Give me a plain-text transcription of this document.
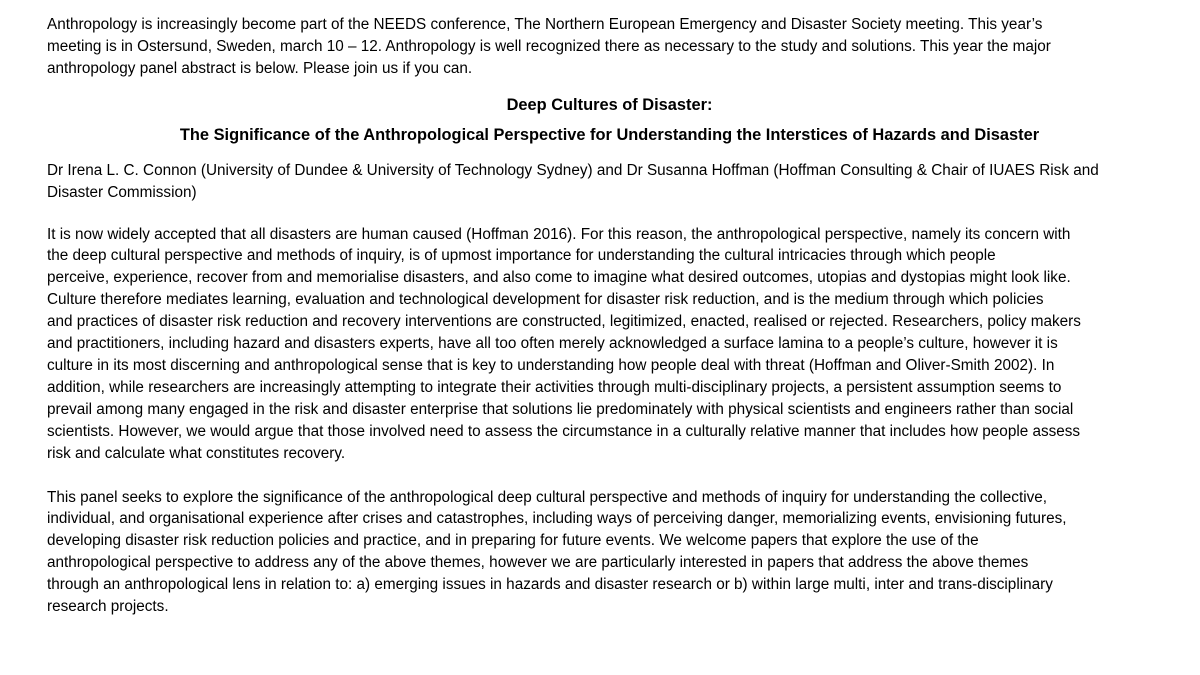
Anthropology is increasingly become part of the NEEDS conference, The Northern European Emergency and Disaster Society meeting. This year’s
meeting is in Ostersund, Sweden, march 10 – 12. Anthropology is well recognized there as necessary to the study and solutions. This year the major
anthropology panel abstract is below. Please join us if you can.

Deep Cultures of Disaster:
The Significance of the Anthropological Perspective for Understanding the Interstices of Hazards and Disaster

Dr Irena L. C. Connon (University of Dundee & University of Technology Sydney) and Dr Susanna Hoffman (Hoffman Consulting & Chair of IUAES Risk and
Disaster Commission)

It is now widely accepted that all disasters are human caused (Hoffman 2016). For this reason, the anthropological perspective, namely its concern with
the deep cultural perspective and methods of inquiry, is of upmost importance for understanding the cultural intricacies through which people
perceive, experience, recover from and memorialise disasters, and also come to imagine what desired outcomes, utopias and dystopias might look like.
Culture therefore mediates learning, evaluation and technological development for disaster risk reduction, and is the medium through which policies
and practices of disaster risk reduction and recovery interventions are constructed, legitimized, enacted, realised or rejected. Researchers, policy makers
and practitioners, including hazard and disasters experts, have all too often merely acknowledged a surface lamina to a people’s culture, however it is
culture in its most discerning and anthropological sense that is key to understanding how people deal with threat (Hoffman and Oliver-Smith 2002). In
addition, while researchers are increasingly attempting to integrate their activities through multi-disciplinary projects, a persistent assumption seems to
prevail among many engaged in the risk and disaster enterprise that solutions lie predominately with physical scientists and engineers rather than social
scientists. However, we would argue that those involved need to assess the circumstance in a culturally relative manner that includes how people assess
risk and calculate what constitutes recovery.

This panel seeks to explore the significance of the anthropological deep cultural perspective and methods of inquiry for understanding the collective,
individual, and organisational experience after crises and catastrophes, including ways of perceiving danger, memorializing events, envisioning futures,
developing disaster risk reduction policies and practice, and in preparing for future events. We welcome papers that explore the use of the
anthropological perspective to address any of the above themes, however we are particularly interested in papers that address the above themes
through an anthropological lens in relation to: a) emerging issues in hazards and disaster research or b) within large multi, inter and trans-disciplinary
research projects.
